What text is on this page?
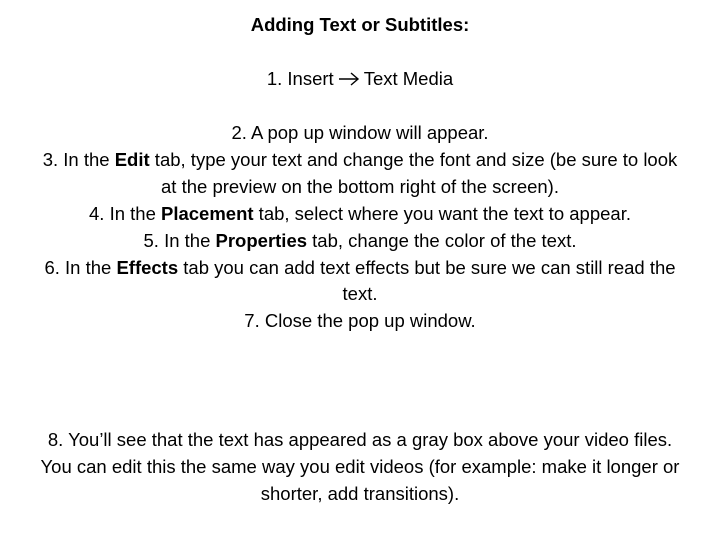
Adding Text or Subtitles:
1. Insert Text Media

2. A pop up window will appear.

3. In the Edit tab, type your text and change the font and size (be sure to look at the preview on the bottom right of the screen).

4. In the Placement tab, select where you want the text to appear.

5. In the Properties tab, change the color of the text.

6. In the Effects tab you can add text effects but be sure we can still read the text.

7. Close the pop up window.

8. You’ll see that the text has appeared as a gray box above your video files. You can edit this the same way you edit videos (for example: make it longer or shorter, add transitions).
